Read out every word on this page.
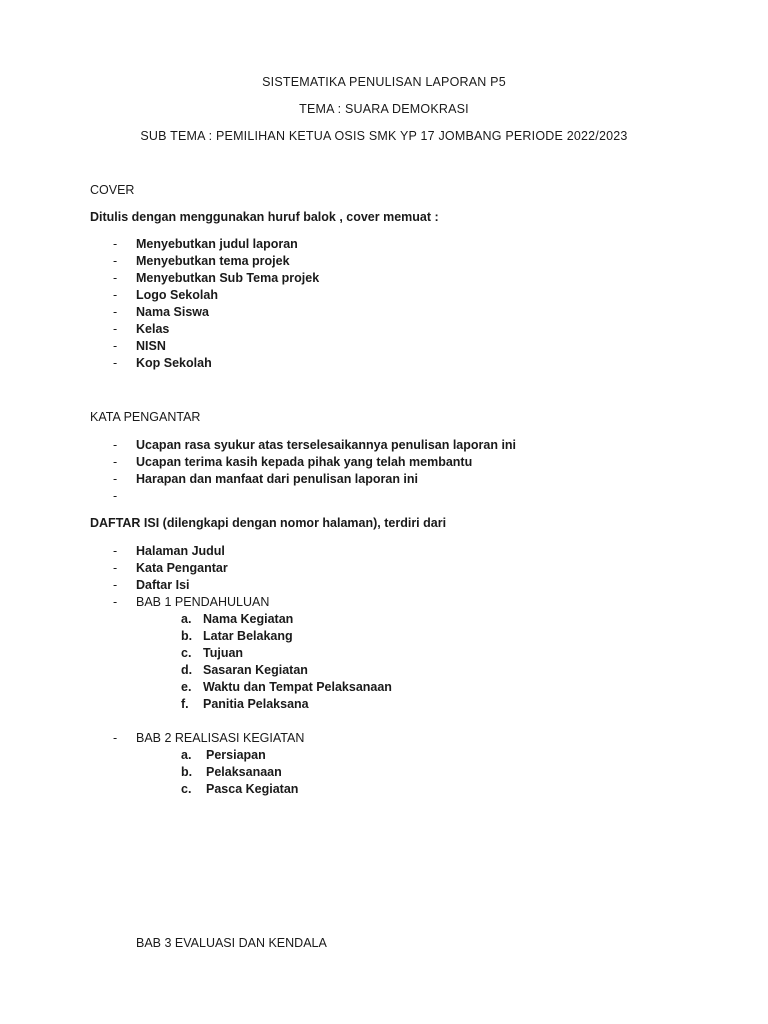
SISTEMATIKA PENULISAN LAPORAN P5
TEMA : SUARA DEMOKRASI
SUB TEMA : PEMILIHAN KETUA OSIS SMK YP 17 JOMBANG PERIODE 2022/2023
COVER
Ditulis dengan menggunakan huruf balok , cover memuat :
- Menyebutkan judul laporan
- Menyebutkan tema projek
- Menyebutkan Sub Tema projek
- Logo Sekolah
- Nama Siswa
- Kelas
- NISN
- Kop Sekolah
KATA PENGANTAR
- Ucapan rasa syukur atas terselesaikannya penulisan laporan ini
- Ucapan terima kasih kepada pihak yang telah membantu
- Harapan dan manfaat dari penulisan laporan ini
-
DAFTAR ISI (dilengkapi dengan nomor halaman), terdiri dari
- Halaman Judul
- Kata Pengantar
- Daftar Isi
- BAB 1 PENDAHULUAN
a. Nama Kegiatan
b. Latar Belakang
c. Tujuan
d. Sasaran Kegiatan
e. Waktu dan Tempat Pelaksanaan
f. Panitia Pelaksana
- BAB 2 REALISASI KEGIATAN
a. Persiapan
b. Pelaksanaan
c. Pasca Kegiatan
BAB 3 EVALUASI DAN KENDALA
